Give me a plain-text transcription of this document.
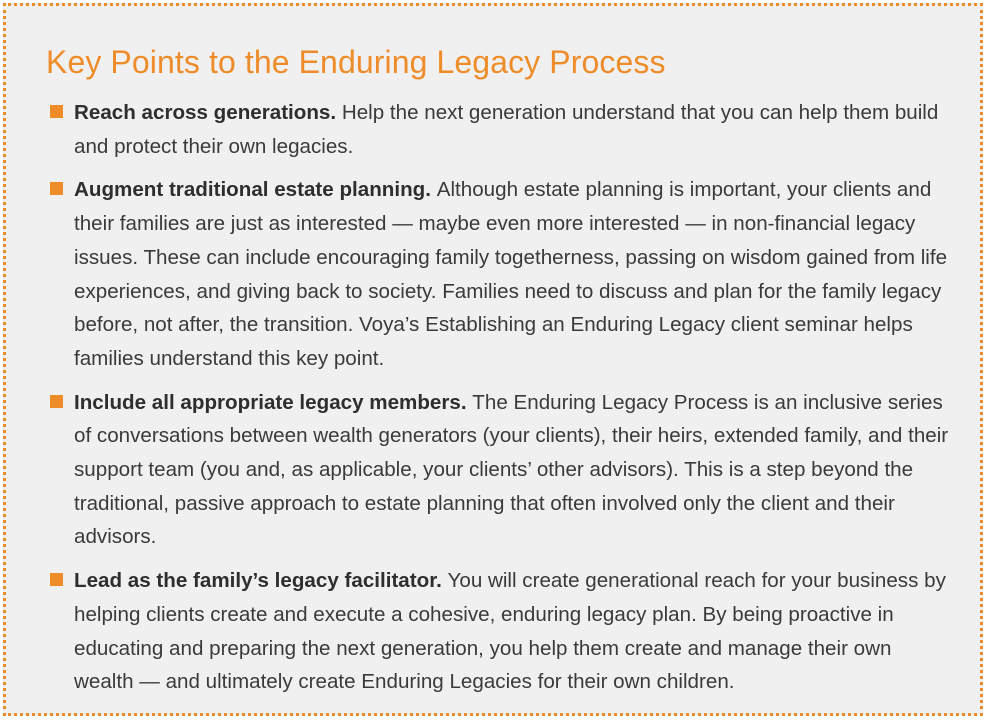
Key Points to the Enduring Legacy Process
Reach across generations. Help the next generation understand that you can help them build and protect their own legacies.
Augment traditional estate planning. Although estate planning is important, your clients and their families are just as interested — maybe even more interested — in non-financial legacy issues. These can include encouraging family togetherness, passing on wisdom gained from life experiences, and giving back to society. Families need to discuss and plan for the family legacy before, not after, the transition. Voya’s Establishing an Enduring Legacy client seminar helps families understand this key point.
Include all appropriate legacy members. The Enduring Legacy Process is an inclusive series of conversations between wealth generators (your clients), their heirs, extended family, and their support team (you and, as applicable, your clients’ other advisors). This is a step beyond the traditional, passive approach to estate planning that often involved only the client and their advisors.
Lead as the family’s legacy facilitator. You will create generational reach for your business by helping clients create and execute a cohesive, enduring legacy plan. By being proactive in educating and preparing the next generation, you help them create and manage their own wealth — and ultimately create Enduring Legacies for their own children.
